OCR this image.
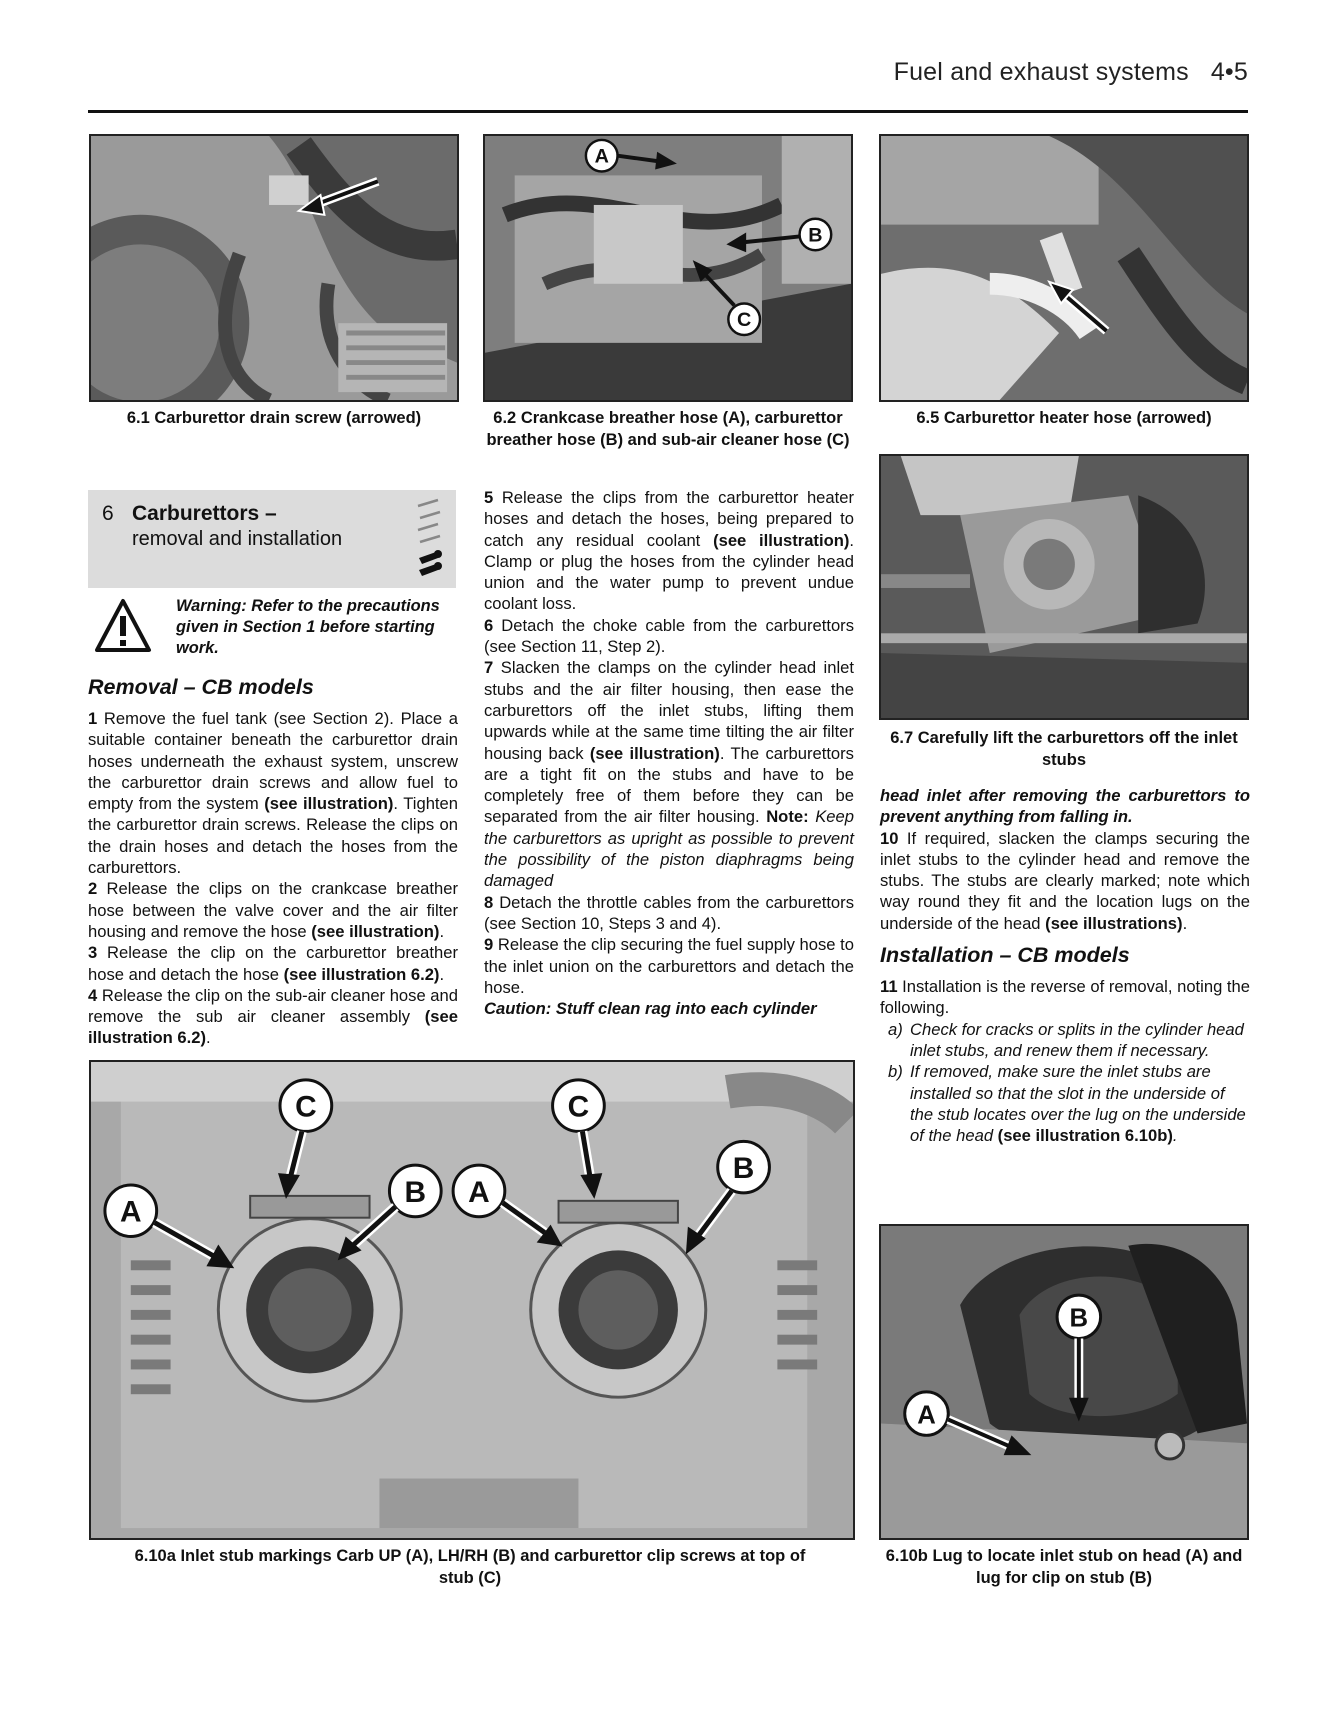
Fuel and exhaust systems 4•5
6.1 Carburettor drain screw (arrowed)
A
B
C
6.2 Crankcase breather hose (A), carburettor breather hose (B) and sub-air cleaner hose (C)
6.5 Carburettor heater hose (arrowed)
6.7 Carefully lift the carburettors off the inlet stubs
6 Carburettors –
removal and installation
Warning: Refer to the precautions given in Section 1 before starting work.
Removal – CB models

1 Remove the fuel tank (see Section 2). Place a suitable container beneath the carburettor drain hoses underneath the exhaust system, unscrew the carburettor drain screws and allow fuel to empty from the system (see illustration). Tighten the carburettor drain screws. Release the clips on the drain hoses and detach the hoses from the carburettors.

2 Release the clips on the crankcase breather hose between the valve cover and the air filter housing and remove the hose (see illustration).

3 Release the clip on the carburettor breather hose and detach the hose (see illustration 6.2).

4 Release the clip on the sub-air cleaner hose and remove the sub air cleaner assembly (see illustration 6.2).

5 Release the clips from the carburettor heater hoses and detach the hoses, being prepared to catch any residual coolant (see illustration). Clamp or plug the hoses from the cylinder head union and the water pump to prevent undue coolant loss.

6 Detach the choke cable from the carburettors (see Section 11, Step 2).

7 Slacken the clamps on the cylinder head inlet stubs and the air filter housing, then ease the carburettors off the inlet stubs, lifting them upwards while at the same time tilting the air filter housing back (see illustration). The carburettors are a tight fit on the stubs and have to be completely free of them before they can be separated from the air filter housing. Note: Keep the carburettors as upright as possible to prevent the possibility of the piston diaphragms being damaged

8 Detach the throttle cables from the carburettors (see Section 10, Steps 3 and 4).

9 Release the clip securing the fuel supply hose to the inlet union on the carburettors and detach the hose.

Caution: Stuff clean rag into each cylinder

head inlet after removing the carburettors to prevent anything from falling in.

10 If required, slacken the clamps securing the inlet stubs to the cylinder head and remove the stubs. The stubs are clearly marked; note which way round they fit and the location lugs on the underside of the head (see illustrations).

Installation – CB models

11 Installation is the reverse of removal, noting the following.

a) Check for cracks or splits in the cylinder head inlet stubs, and renew them if necessary.
b) If removed, make sure the inlet stubs are installed so that the slot in the underside of the stub locates over the lug on the underside of the head (see illustration 6.10b).
A
C
B A
C
B
6.10a Inlet stub markings Carb UP (A), LH/RH (B) and carburettor clip screws at top of stub (C)
A
B
6.10b Lug to locate inlet stub on head (A) and lug for clip on stub (B)
